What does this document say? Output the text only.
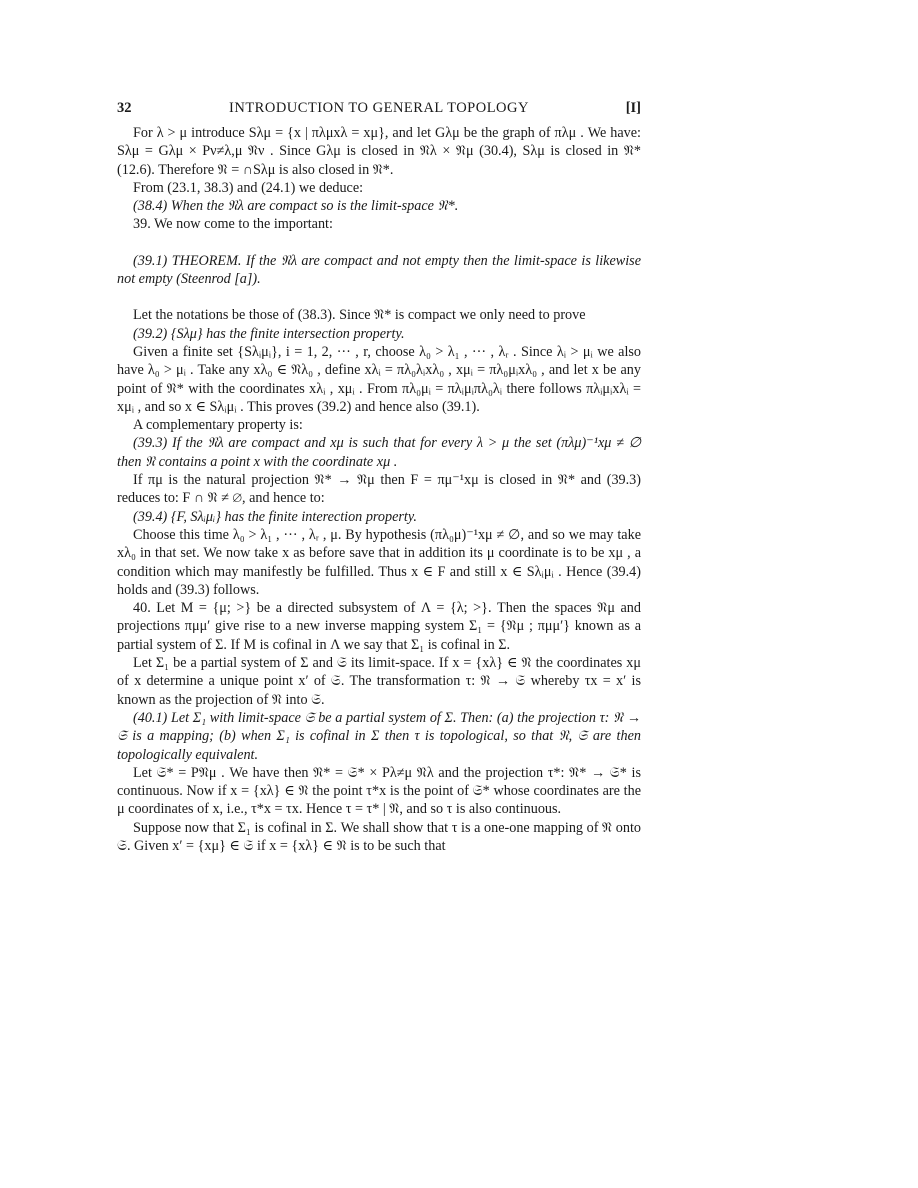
32	INTRODUCTION TO GENERAL TOPOLOGY	[I]

For λ > μ introduce Sλμ = {x | πλμxλ = xμ}, and let Gλμ be the graph of πλμ . We have: Sλμ = Gλμ × Pν≠λ,μ 𝔑ν . Since Gλμ is closed in 𝔑λ × 𝔑μ (30.4), Sλμ is closed in 𝔑* (12.6). Therefore 𝔑 = ∩Sλμ is also closed in 𝔑*.

From (23.1, 38.3) and (24.1) we deduce:

(38.4) When the 𝔑λ are compact so is the limit-space 𝔑*.

39. We now come to the important:

(39.1) THEOREM. If the 𝔑λ are compact and not empty then the limit-space is likewise not empty (Steenrod [a]).

Let the notations be those of (38.3). Since 𝔑* is compact we only need to prove

(39.2) {Sλμ} has the finite intersection property.

Given a finite set {Sλᵢμᵢ}, i = 1, 2, ··· , r, choose λ₀ > λ₁ , ··· , λᵣ . Since λᵢ > μᵢ we also have λ₀ > μᵢ . Take any xλ₀ ∈ 𝔑λ₀ , define xλᵢ = πλ₀λᵢxλ₀ , xμᵢ = πλ₀μᵢxλ₀ , and let x be any point of 𝔑* with the coordinates xλᵢ , xμᵢ . From πλ₀μᵢ = πλᵢμᵢπλ₀λᵢ there follows πλᵢμᵢxλᵢ = xμᵢ , and so x ∈ Sλᵢμᵢ . This proves (39.2) and hence also (39.1).

A complementary property is:

(39.3) If the 𝔑λ are compact and xμ is such that for every λ > μ the set (πλμ)⁻¹xμ ≠ ∅ then 𝔑 contains a point x with the coordinate xμ .

If πμ is the natural projection 𝔑* → 𝔑μ then F = πμ⁻¹xμ is closed in 𝔑* and (39.3) reduces to: F ∩ 𝔑 ≠ ∅, and hence to:

(39.4) {F, Sλᵢμᵢ} has the finite interection property.

Choose this time λ₀ > λ₁ , ··· , λᵣ , μ. By hypothesis (πλ₀μ)⁻¹xμ ≠ ∅, and so we may take xλ₀ in that set. We now take x as before save that in addition its μ coordinate is to be xμ , a condition which may manifestly be fulfilled. Thus x ∈ F and still x ∈ Sλᵢμᵢ . Hence (39.4) holds and (39.3) follows.

40. Let M = {μ; >} be a directed subsystem of Λ = {λ; >}. Then the spaces 𝔑μ and projections πμμ′ give rise to a new inverse mapping system Σ₁ = {𝔑μ ; πμμ′} known as a partial system of Σ. If M is cofinal in Λ we say that Σ₁ is cofinal in Σ.

Let Σ₁ be a partial system of Σ and 𝔖 its limit-space. If x = {xλ} ∈ 𝔑 the coordinates xμ of x determine a unique point x′ of 𝔖. The transformation τ: 𝔑 → 𝔖 whereby τx = x′ is known as the projection of 𝔑 into 𝔖.

(40.1) Let Σ₁ with limit-space 𝔖 be a partial system of Σ. Then: (a) the projection τ: 𝔑 → 𝔖 is a mapping; (b) when Σ₁ is cofinal in Σ then τ is topological, so that 𝔑, 𝔖 are then topologically equivalent.

Let 𝔖* = P𝔑μ . We have then 𝔑* = 𝔖* × Pλ≠μ 𝔑λ and the projection τ*: 𝔑* → 𝔖* is continuous. Now if x = {xλ} ∈ 𝔑 the point τ*x is the point of 𝔖* whose coordinates are the μ coordinates of x, i.e., τ*x = τx. Hence τ = τ* | 𝔑, and so τ is also continuous.

Suppose now that Σ₁ is cofinal in Σ. We shall show that τ is a one-one mapping of 𝔑 onto 𝔖. Given x′ = {xμ} ∈ 𝔖 if x = {xλ} ∈ 𝔑 is to be such that
